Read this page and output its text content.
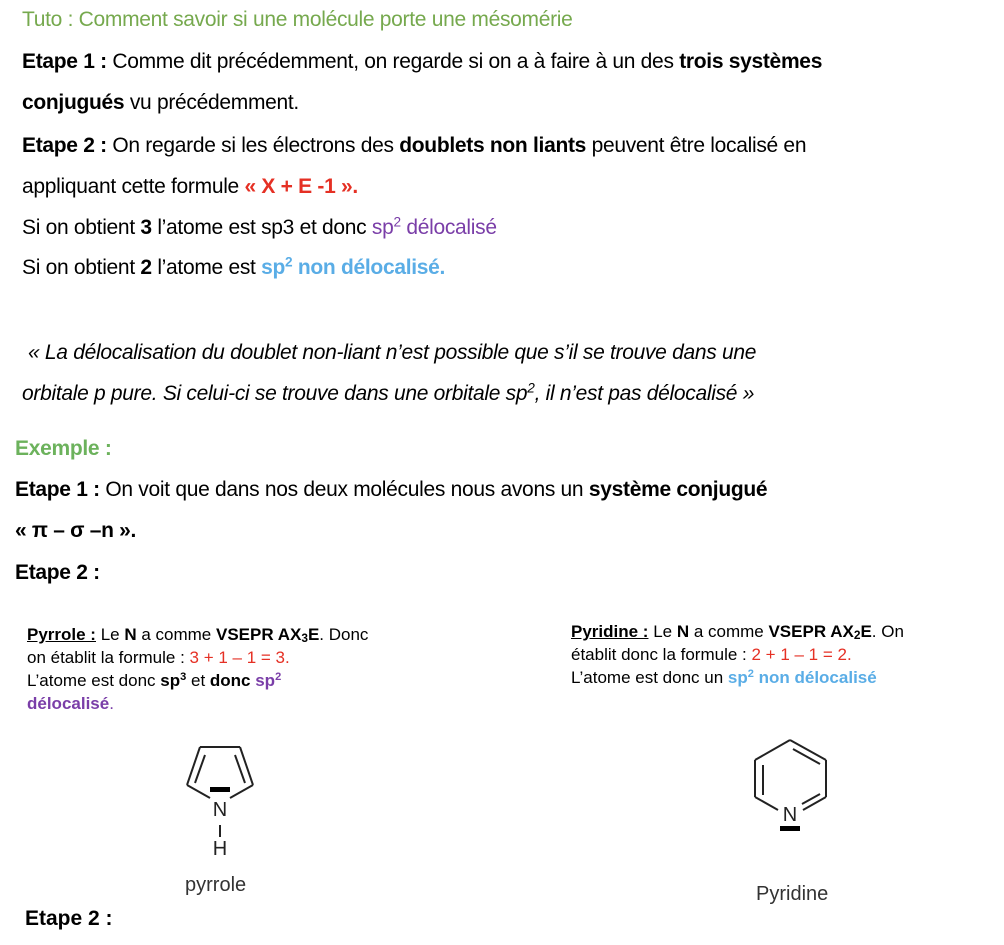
Tuto : Comment savoir si une molécule porte une mésomérie
Etape 1 : Comme dit précédemment, on regarde si on a à faire à un des trois systèmes
conjugués vu précédemment.
Etape 2 : On regarde si les électrons des doublets non liants peuvent être localisé en
appliquant cette formule « X + E -1 ».
Si on obtient 3 l’atome est sp3 et donc $sp^2$ délocalisé
Si on obtient 2 l’atome est $sp^2$ non délocalisé.
« La délocalisation du doublet non-liant n’est possible que s’il se trouve dans une
orbitale p pure. Si celui-ci se trouve dans une orbitale $sp^2$, il n’est pas délocalisé »
Exemple :
Etape 1 : On voit que dans nos deux molécules nous avons un système conjugué
« π – σ –n ».
Etape 2 :
Pyrrole : Le N a comme VSEPR $AX_3E$. Donc
on établit la formule : 3 + 1 – 1 = 3.
L’atome est donc $sp^3$ et donc $sp^2$
délocalisé.
N
H
pyrrole
Pyridine : Le N a comme VSEPR $AX_2E$. On
établit donc la formule : 2 + 1 – 1 = 2.
L’atome est donc un $sp^2$ non délocalisé
N
Pyridine
Etape 2 :
